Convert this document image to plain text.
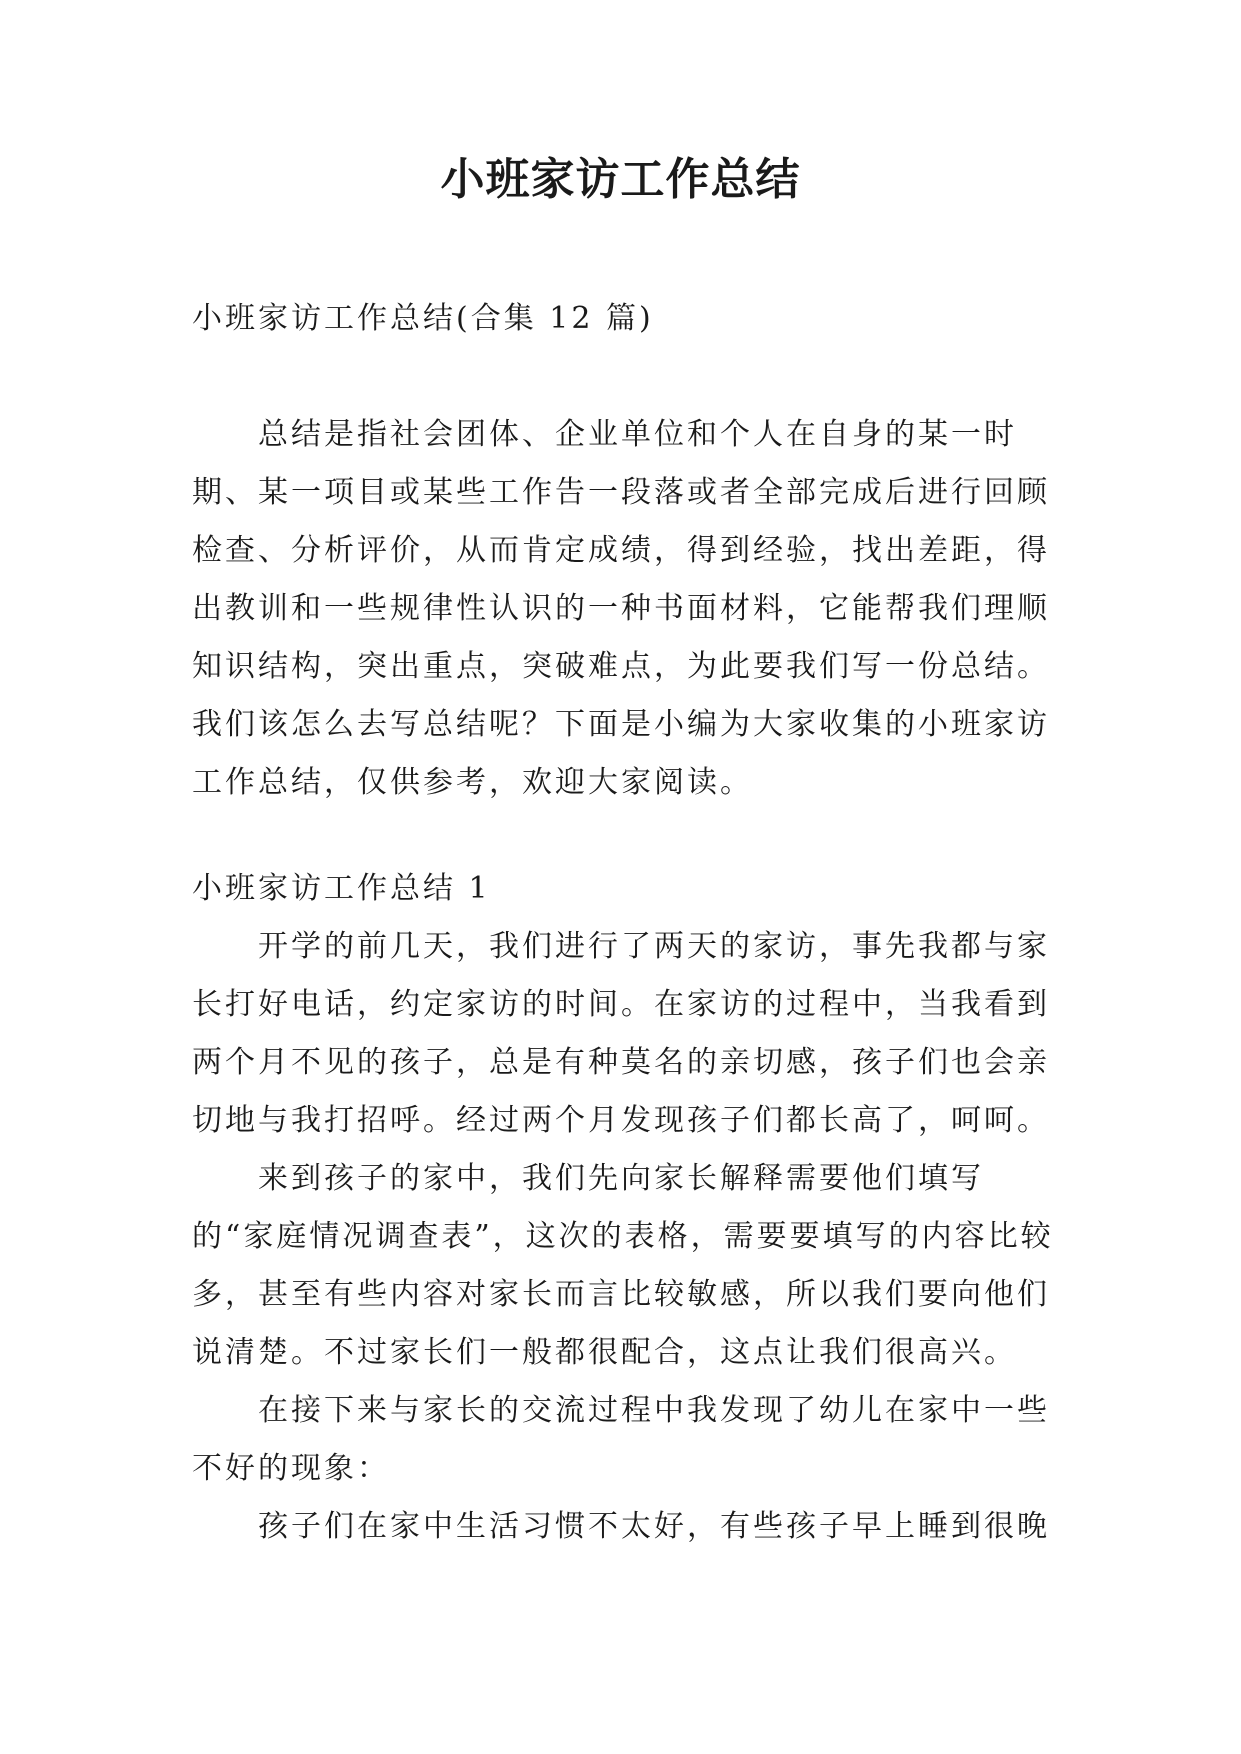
小班家访工作总结

小班家访工作总结(合集 12 篇)

总结是指社会团体、企业单位和个人在自身的某一时期、某一项目或某些工作告一段落或者全部完成后进行回顾检查、分析评价，从而肯定成绩，得到经验，找出差距，得出教训和一些规律性认识的一种书面材料，它能帮我们理顺知识结构，突出重点，突破难点，为此要我们写一份总结。我们该怎么去写总结呢？下面是小编为大家收集的小班家访工作总结，仅供参考，欢迎大家阅读。

小班家访工作总结 1

开学的前几天，我们进行了两天的家访，事先我都与家长打好电话，约定家访的时间。在家访的过程中，当我看到两个月不见的孩子，总是有种莫名的亲切感，孩子们也会亲切地与我打招呼。经过两个月发现孩子们都长高了，呵呵。

来到孩子的家中，我们先向家长解释需要他们填写的“家庭情况调查表”，这次的表格，需要要填写的内容比较多，甚至有些内容对家长而言比较敏感，所以我们要向他们说清楚。不过家长们一般都很配合，这点让我们很高兴。

在接下来与家长的交流过程中我发现了幼儿在家中一些不好的现象：

孩子们在家中生活习惯不太好，有些孩子早上睡到很晚
